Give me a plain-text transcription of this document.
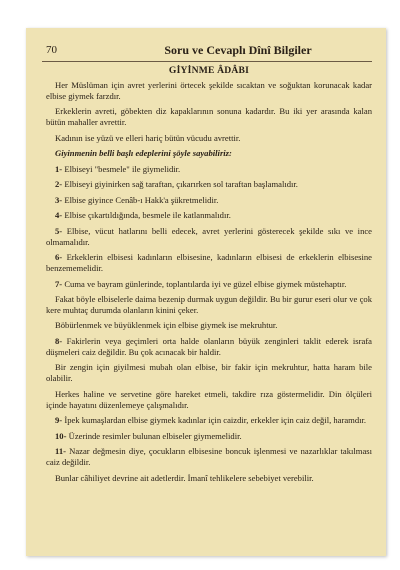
70	Soru ve Cevaplı Dînî Bilgiler
GİYİNME ÂDÂBI

Her Müslüman için avret yerlerini örtecek şekilde sıcaktan ve soğuktan korunacak kadar elbise giymek farzdır.

Erkeklerin avreti, göbekten diz kapaklarının sonuna kadardır. Bu iki yer arasında kalan bütün mahaller avrettir.

Kadının ise yüzü ve elleri hariç bütün vücudu avrettir.

Giyinmenin belli başlı edeplerini şöyle sayabiliriz:

1- Elbiseyi "besmele" ile giymelidir.

2- Elbiseyi giyinirken sağ taraftan, çıkarırken sol taraftan başlamalıdır.

3- Elbise giyince Cenâb-ı Hakk'a şükretmelidir.

4- Elbise çıkartıldığında, besmele ile katlanmalıdır.

5- Elbise, vücut hatlarını belli edecek, avret yerlerini gösterecek şekilde sıkı ve ince olmamalıdır.

6- Erkeklerin elbisesi kadınların elbisesine, kadınların elbisesi de erkeklerin elbisesine benzememelidir.

7- Cuma ve bayram günlerinde, toplantılarda iyi ve güzel elbise giymek müstehaptır.

Fakat böyle elbiselerle daima bezenip durmak uygun değildir. Bu bir gurur eseri olur ve çok kere muhtaç durumda olanların kinini çeker.

Böbürlenmek ve büyüklenmek için elbise giymek ise mekruhtur.

8- Fakirlerin veya geçimleri orta halde olanların büyük zenginleri taklit ederek israfa düşmeleri caiz değildir. Bu çok acınacak bir haldir.

Bir zengin için giyilmesi mubah olan elbise, bir fakir için mekruhtur, hatta haram bile olabilir.

Herkes haline ve servetine göre hareket etmeli, takdire rıza göstermelidir. Din ölçüleri içinde hayatını düzenlemeye çalışmalıdır.

9- İpek kumaşlardan elbise giymek kadınlar için caizdir, erkekler için caiz değil, haramdır.

10- Üzerinde resimler bulunan elbiseler giymemelidir.

11- Nazar değmesin diye, çocukların elbisesine boncuk işlenmesi ve nazarlıklar takılması caiz değildir.

Bunlar câhiliyet devrine ait adetlerdir. İmanî tehlikelere sebebiyet verebilir.
